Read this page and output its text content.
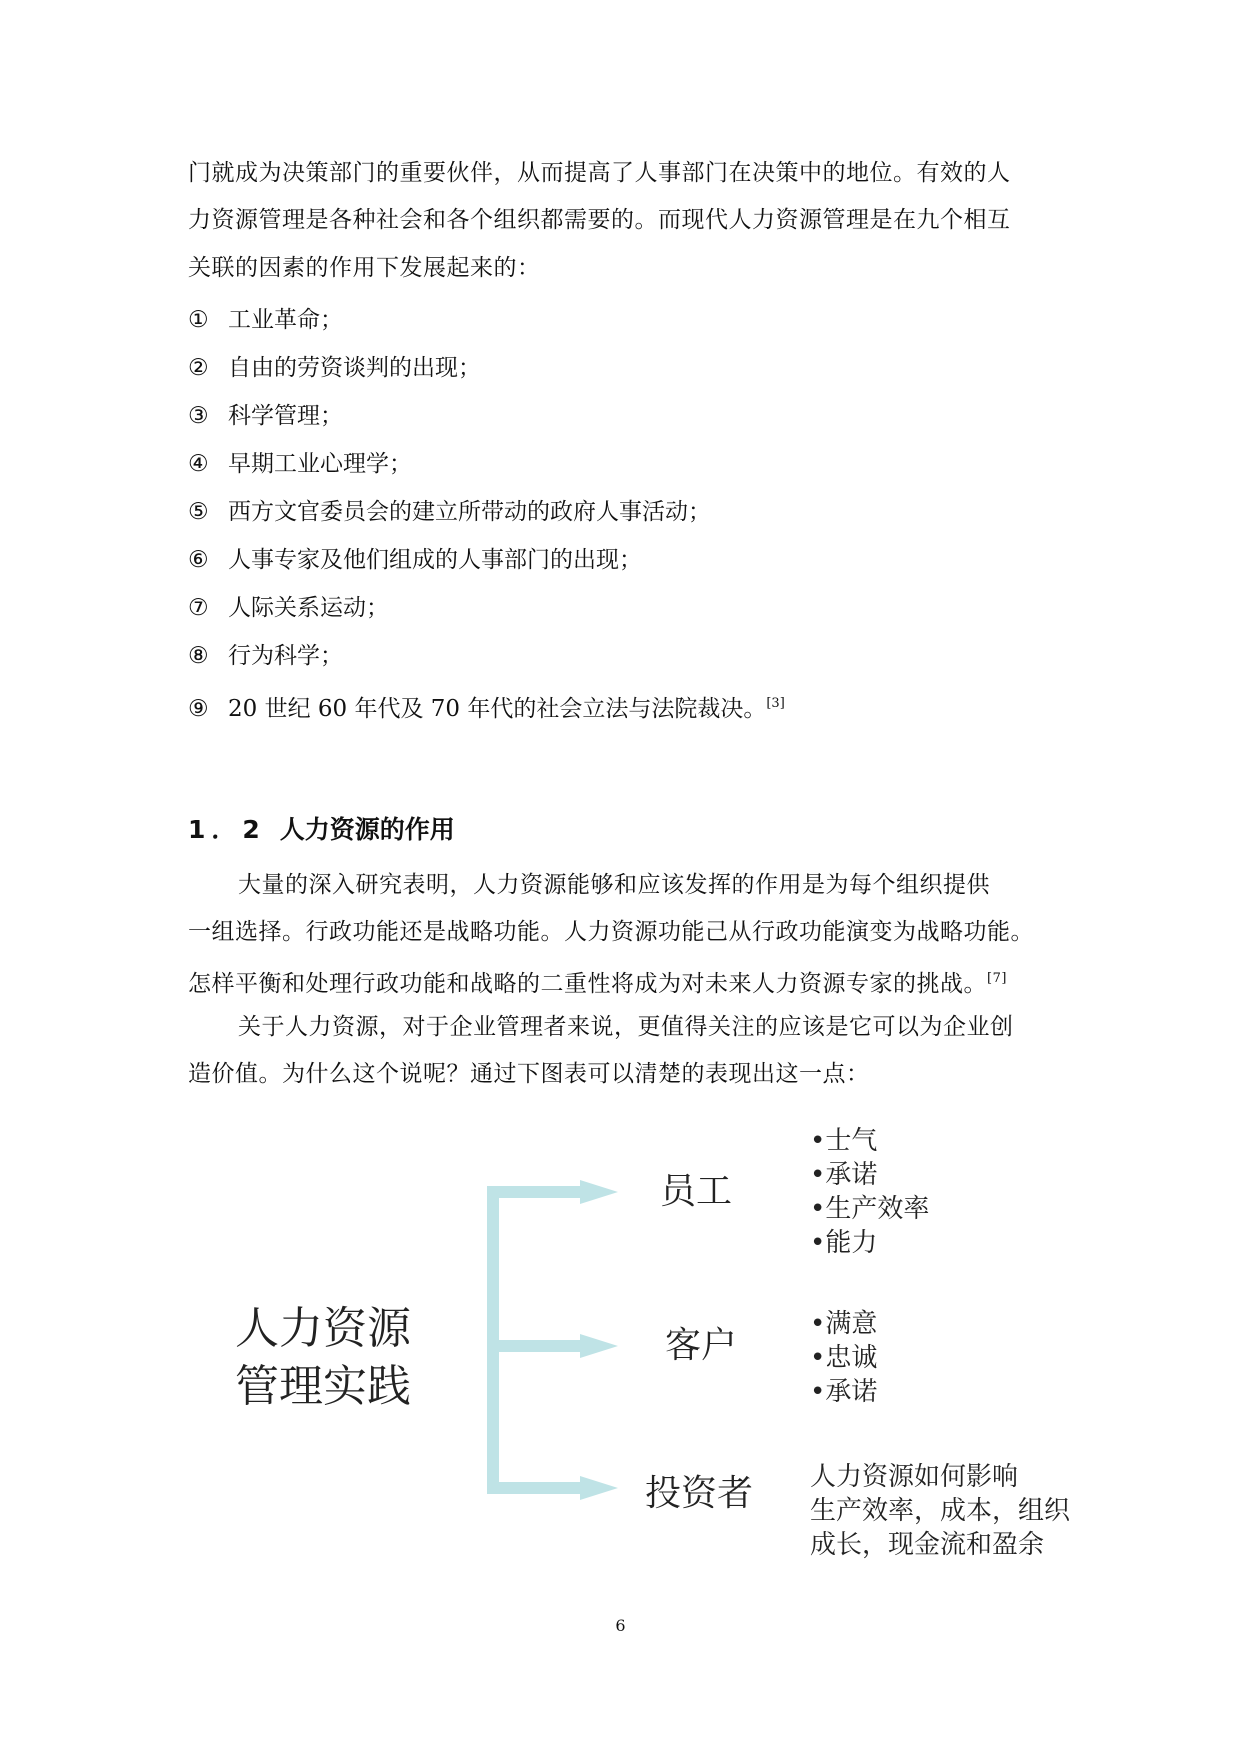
门就成为决策部门的重要伙伴，从而提高了人事部门在决策中的地位。有效的人
力资源管理是各种社会和各个组织都需要的。而现代人力资源管理是在九个相互
关联的因素的作用下发展起来的：
① 工业革命；
② 自由的劳资谈判的出现；
③ 科学管理；
④ 早期工业心理学；
⑤ 西方文官委员会的建立所带动的政府人事活动；
⑥ 人事专家及他们组成的人事部门的出现；
⑦ 人际关系运动；
⑧ 行为科学；
⑨ 20 世纪 60 年代及 70 年代的社会立法与法院裁决。[3]
1．2 人力资源的作用
大量的深入研究表明，人力资源能够和应该发挥的作用是为每个组织提供
一组选择。行政功能还是战略功能。人力资源功能己从行政功能演变为战略功能。
怎样平衡和处理行政功能和战略的二重性将成为对未来人力资源专家的挑战。[7]
关于人力资源，对于企业管理者来说，更值得关注的应该是它可以为企业创
造价值。为什么这个说呢？通过下图表可以清楚的表现出这一点：
人力资源
管理实践
员工
•士气
•承诺
•生产效率
•能力
客户
•满意
•忠诚
•承诺
投资者 人力资源如何影响
生产效率，成本，组织
成长，现金流和盈余
6
